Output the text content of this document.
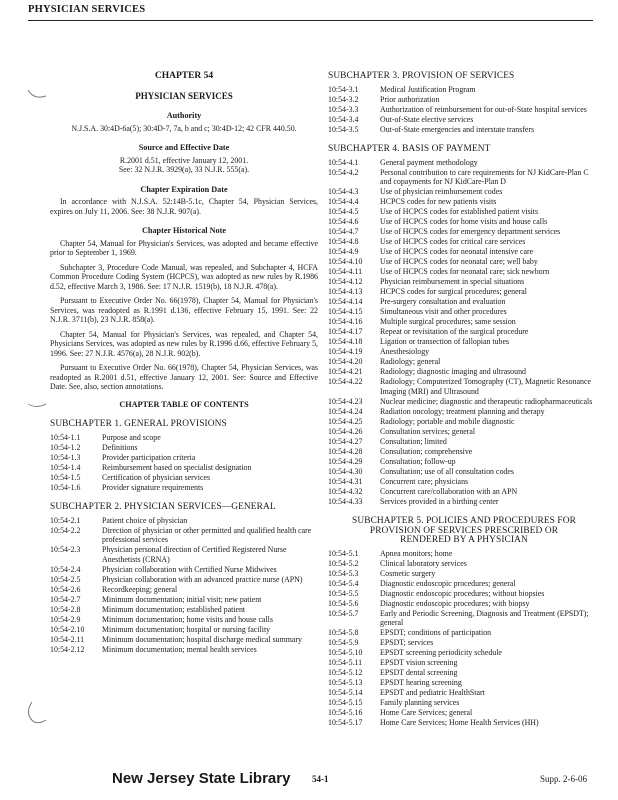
PHYSICIAN SERVICES
CHAPTER 54
PHYSICIAN SERVICES
Authority
N.J.S.A. 30:4D-6a(5); 30:4D-7, 7a, b and c; 30:4D-12; 42 CFR 440.50.
Source and Effective Date
R.2001 d.51, effective January 12, 2001.
See: 32 N.J.R. 3929(a), 33 N.J.R. 555(a).
Chapter Expiration Date
In accordance with N.J.S.A. 52:14B-5.1c, Chapter 54, Physician Services, expires on July 11, 2006. See: 38 N.J.R. 907(a).
Chapter Historical Note
Chapter 54, Manual for Physician's Services, was adopted and became effective prior to September 1, 1969.
Subchapter 3, Procedure Code Manual, was repealed, and Subchapter 4, HCFA Common Procedure Coding System (HCPCS), was adopted as new rules by R.1986 d.52, effective March 3, 1986. See: 17 N.J.R. 1519(b), 18 N.J.R. 478(a).
Pursuant to Executive Order No. 66(1978), Chapter 54, Manual for Physician's Services, was readopted as R.1991 d.136, effective February 15, 1991. See: 22 N.J.R. 3711(b), 23 N.J.R. 858(a).
Chapter 54, Manual for Physician's Services, was repealed, and Chapter 54, Physicians Services, was adopted as new rules by R.1996 d.66, effective February 5, 1996. See: 27 N.J.R. 4576(a), 28 N.J.R. 902(b).
Pursuant to Executive Order No. 66(1978), Chapter 54, Physician Services, was readopted as R.2001 d.51, effective January 12, 2001. See: Source and Effective Date. See, also, section annotations.
CHAPTER TABLE OF CONTENTS
SUBCHAPTER 1. GENERAL PROVISIONS
10:54-1.1	Purpose and scope
10:54-1.2	Definitions
10:54-1.3	Provider participation criteria
10:54-1.4	Reimbursement based on specialist designation
10:54-1.5	Certification of physician services
10:54-1.6	Provider signature requirements
SUBCHAPTER 2. PHYSICIAN SERVICES—GENERAL
10:54-2.1	Patient choice of physician
10:54-2.2	Direction of physician or other permitted and qualified health care professional services
10:54-2.3	Physician personal direction of Certified Registered Nurse Anesthetists (CRNA)
10:54-2.4	Physician collaboration with Certified Nurse Midwives
10:54-2.5	Physician collaboration with an advanced practice nurse (APN)
10:54-2.6	Recordkeeping; general
10:54-2.7	Minimum documentation; initial visit; new patient
10:54-2.8	Minimum documentation; established patient
10:54-2.9	Minimum documentation; home visits and house calls
10:54-2.10	Minimum documentation; hospital or nursing facility
10:54-2.11	Minimum documentation; hospital discharge medical summary
10:54-2.12	Minimum documentation; mental health services
SUBCHAPTER 3. PROVISION OF SERVICES
10:54-3.1	Medical Justification Program
10:54-3.2	Prior authorization
10:54-3.3	Authorization of reimbursement for out-of-State hospital services
10:54-3.4	Out-of-State elective services
10:54-3.5	Out-of-State emergencies and interstate transfers
SUBCHAPTER 4. BASIS OF PAYMENT
10:54-4.1	General payment methodology
10:54-4.2	Personal contribution to care requirements for NJ KidCare-Plan C and copayments for NJ KidCare-Plan D
10:54-4.3	Use of physician reimbursement codes
10:54-4.4	HCPCS codes for new patients visits
10:54-4.5	Use of HCPCS codes for established patient visits
10:54-4.6	Use of HCPCS codes for home visits and house calls
10:54-4.7	Use of HCPCS codes for emergency department services
10:54-4.8	Use of HCPCS codes for critical care services
10:54-4.9	Use of HCPCS codes for neonatal intensive care
10:54-4.10	Use of HCPCS codes for neonatal care; well baby
10:54-4.11	Use of HCPCS codes for neonatal care; sick newborn
10:54-4.12	Physician reimbursement in special situations
10:54-4.13	HCPCS codes for surgical procedures; general
10:54-4.14	Pre-surgery consultation and evaluation
10:54-4.15	Simultaneous visit and other procedures
10:54-4.16	Multiple surgical procedures; same session
10:54-4.17	Repeat or revisitation of the surgical procedure
10:54-4.18	Ligation or transection of fallopian tubes
10:54-4.19	Anesthesiology
10:54-4.20	Radiology; general
10:54-4.21	Radiology; diagnostic imaging and ultrasound
10:54-4.22	Radiology; Computerized Tomography (CT), Magnetic Resonance Imaging (MRI) and Ultrasound
10:54-4.23	Nuclear medicine; diagnostic and therapeutic radiopharmaceuticals
10:54-4.24	Radiation oncology; treatment planning and therapy
10:54-4.25	Radiology; portable and mobile diagnostic
10:54-4.26	Consultation services; general
10:54-4.27	Consultation; limited
10:54-4.28	Consultation; comprehensive
10:54-4.29	Consultation; follow-up
10:54-4.30	Consultation; use of all consultation codes
10:54-4.31	Concurrent care; physicians
10:54-4.32	Concurrent care/collaboration with an APN
10:54-4.33	Services provided in a birthing center
SUBCHAPTER 5. POLICIES AND PROCEDURES FOR
PROVISION OF SERVICES PRESCRIBED OR
RENDERED BY A PHYSICIAN
10:54-5.1	Apnea monitors; home
10:54-5.2	Clinical laboratory services
10:54-5.3	Cosmetic surgery
10:54-5.4	Diagnostic endoscopic procedures; general
10:54-5.5	Diagnostic endoscopic procedures; without biopsies
10:54-5.6	Diagnostic endoscopic procedures; with biopsy
10:54-5.7	Early and Periodic Screening, Diagnosis and Treatment (EPSDT); general
10:54-5.8	EPSDT; conditions of participation
10:54-5.9	EPSDT; services
10:54-5.10	EPSDT screening periodicity schedule
10:54-5.11	EPSDT vision screening
10:54-5.12	EPSDT dental screening
10:54-5.13	EPSDT hearing screening
10:54-5.14	EPSDT and pediatric HealthStart
10:54-5.15	Family planning services
10:54-5.16	Home Care Services; general
10:54-5.17	Home Care Services; Home Health Services (HH)
New Jersey State Library 54-1	Supp. 2-6-06
